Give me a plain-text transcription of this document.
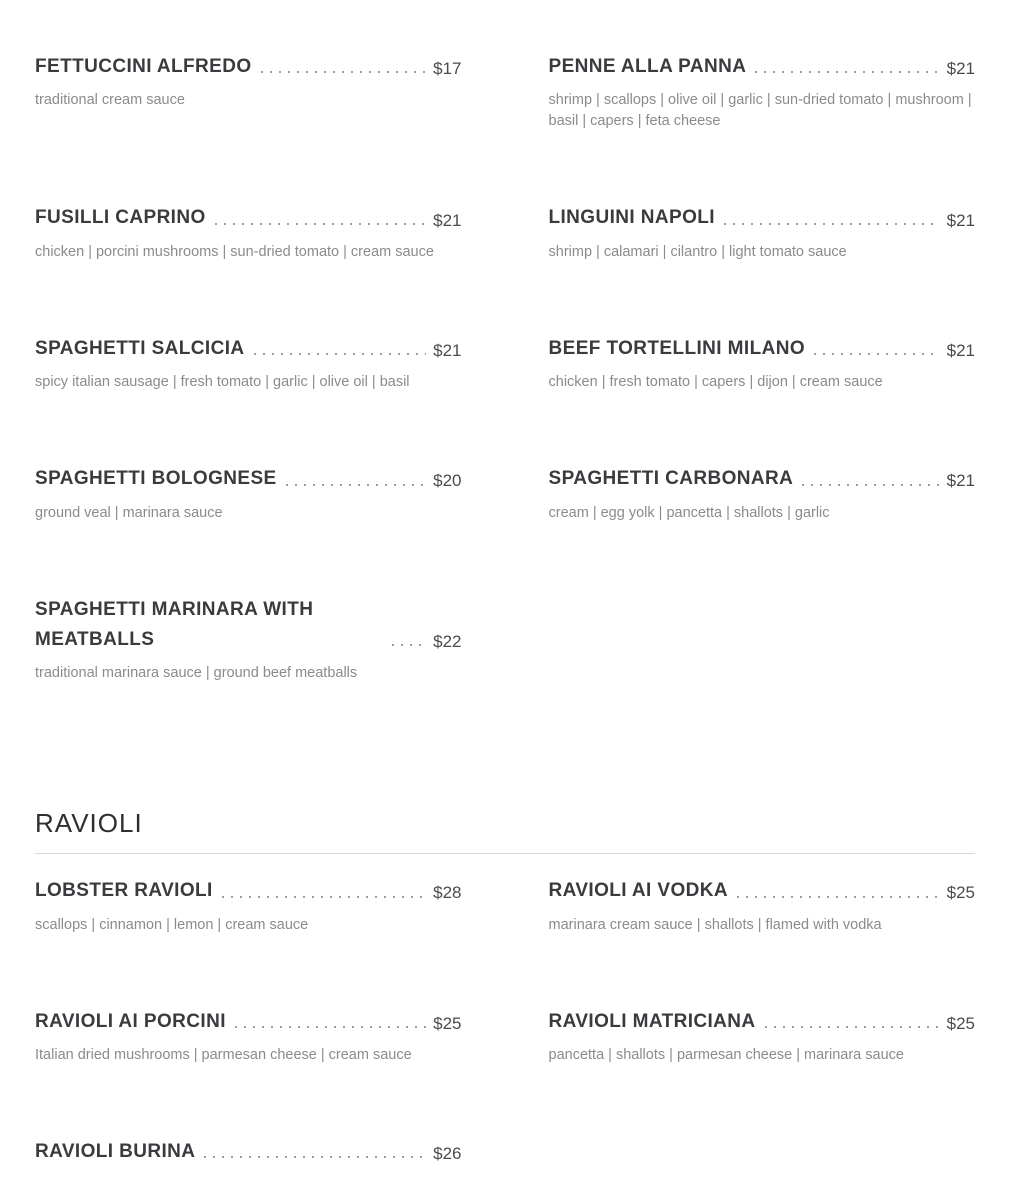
FETTUCCINI ALFREDO	$17
traditional cream sauce
PENNE ALLA PANNA	$21
shrimp | scallops | olive oil | garlic | sun-dried tomato | mushroom | basil | capers | feta cheese
FUSILLI CAPRINO	$21
chicken | porcini mushrooms | sun-dried tomato | cream sauce
LINGUINI NAPOLI	$21
shrimp | calamari | cilantro | light tomato sauce
SPAGHETTI SALCICIA	$21
spicy italian sausage | fresh tomato | garlic | olive oil | basil
BEEF TORTELLINI MILANO	$21
chicken | fresh tomato | capers | dijon | cream sauce
SPAGHETTI BOLOGNESE	$20
ground veal | marinara sauce
SPAGHETTI CARBONARA	$21
cream | egg yolk | pancetta | shallots | garlic
SPAGHETTI MARINARA WITH MEATBALLS	$22
traditional marinara sauce | ground beef meatballs
RAVIOLI
LOBSTER RAVIOLI	$28
scallops | cinnamon | lemon | cream sauce
RAVIOLI AI VODKA	$25
marinara cream sauce | shallots | flamed with vodka
RAVIOLI AI PORCINI	$25
Italian dried mushrooms | parmesan cheese | cream sauce
RAVIOLI MATRICIANA	$25
pancetta | shallots | parmesan cheese | marinara sauce
RAVIOLI BURINA	$26
